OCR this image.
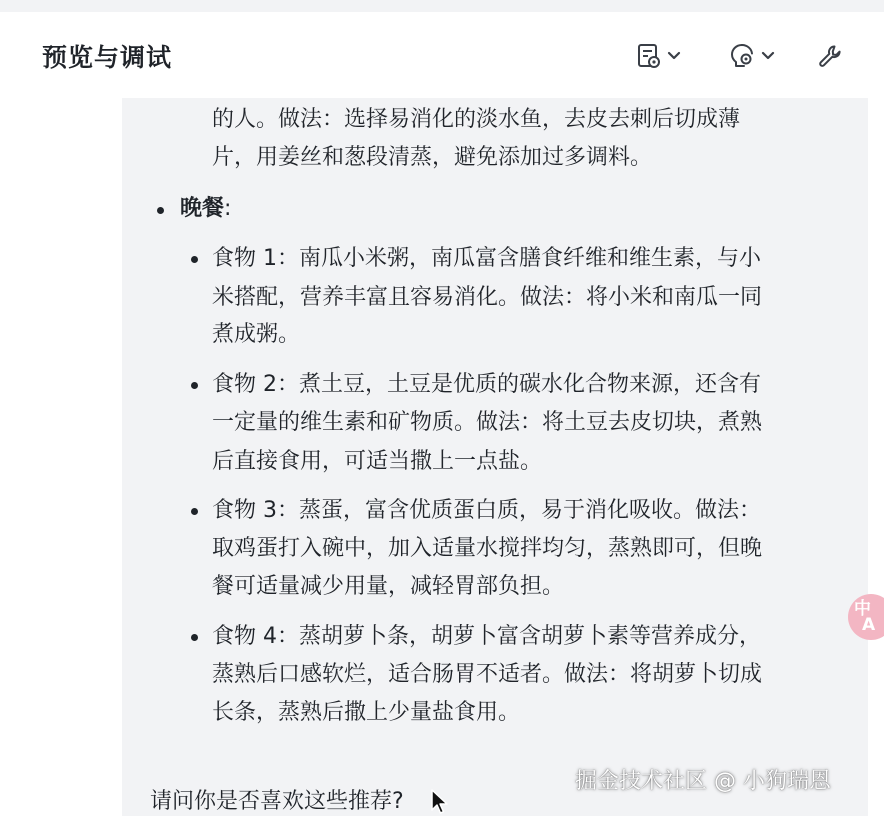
预览与调试
的人。做法：选择易消化的淡水鱼，去皮去刺后切成薄
片，用姜丝和葱段清蒸，避免添加过多调料。
晚餐:
食物 1：南瓜小米粥，南瓜富含膳食纤维和维生素，与小
米搭配，营养丰富且容易消化。做法：将小米和南瓜一同
煮成粥。
食物 2：煮土豆，土豆是优质的碳水化合物来源，还含有
一定量的维生素和矿物质。做法：将土豆去皮切块，煮熟
后直接食用，可适当撒上一点盐。
食物 3：蒸蛋，富含优质蛋白质，易于消化吸收。做法：
取鸡蛋打入碗中，加入适量水搅拌均匀，蒸熟即可，但晚
餐可适量减少用量，减轻胃部负担。
食物 4：蒸胡萝卜条，胡萝卜富含胡萝卜素等营养成分，
蒸熟后口感软烂，适合肠胃不适者。做法：将胡萝卜切成
长条，蒸熟后撒上少量盐食用。
请问你是否喜欢这些推荐?
中
A
掘金技术社区 @ 小狗瑞恩
